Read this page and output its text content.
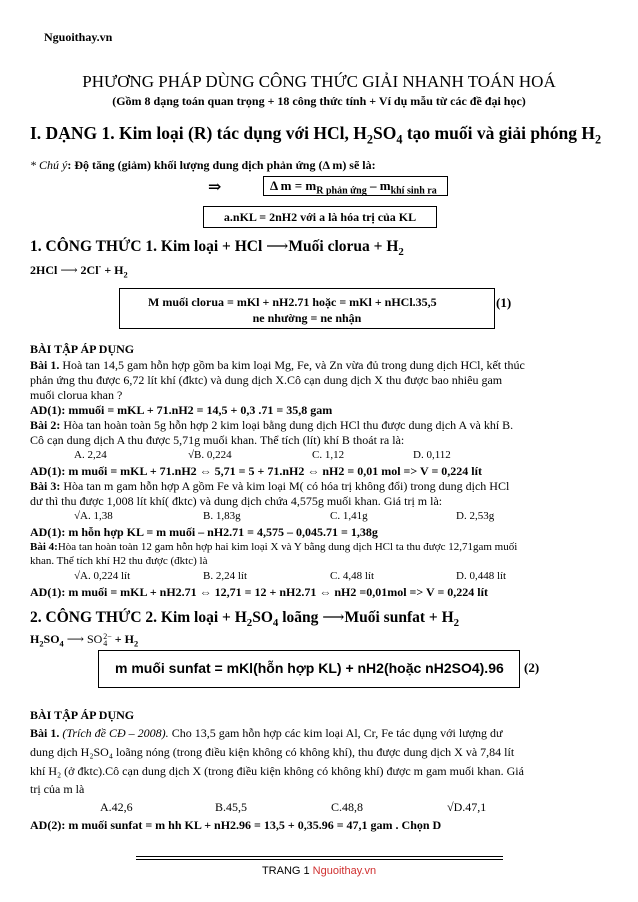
Nguoithay.vn
PHƯƠNG PHÁP DÙNG CÔNG THỨC GIẢI NHANH TOÁN HOÁ
(Gồm 8 dạng toán quan trọng + 18 công thức tính + Ví dụ mẫu từ các đề đại học)
I. DẠNG 1. Kim loại (R) tác dụng với HCl, $H_2SO_4$ tạo muối và giải phóng $H_2$
* Chú ý: Độ tăng (giảm) khối lượng dung dịch phản ứng (Δ m) sẽ là:
⇒	Δ $m = m_{R phản ứng} - m_{khí sinh ra}$
a.nKL = 2nH2 với a là hóa trị của KL
1. CÔNG THỨC 1. Kim loại + HCl ⟶Muối clorua + $H_2$
2HCl ⟶ $2Cl^- + H_2$
M muối clorua = mKl + nH2.71 hoặc = mKl + nHCl.35,5
ne nhường = ne nhận
(1)
BÀI TẬP ÁP DỤNG
Bài 1. Hoà tan 14,5 gam hỗn hợp gồm ba kim loại Mg, Fe, và Zn vừa đủ trong dung dịch HCl, kết thúc
phản ứng thu được 6,72 lít khí (đktc) và dung dịch X.Cô cạn dung dịch X thu được bao nhiêu gam
muối clorua khan ?
AD(1): mmuối = mKL + 71.nH2 = 14,5 + 0,3 .71 = 35,8 gam
Bài 2: Hòa tan hoàn toàn 5g hỗn hợp 2 kim loại bằng dung dịch HCl thu được dung dịch A và khí B.
Cô cạn dung dịch A thu được 5,71g muối khan. Thể tích (lít) khí B thoát ra là:
A. 2,24	√B. 0,224	C. 1,12	D. 0,112
AD(1): m muối = mKL + 71.nH2 ⇔ 5,71 = 5 + 71.nH2 ⇔ nH2 = 0,01 mol => V = 0,224 lít
Bài 3: Hòa tan m gam hỗn hợp A gồm Fe và kim loại M( có hóa trị không đổi) trong dung dịch HCl
dư thì thu được 1,008 lít khí( đktc) và dung dịch chứa 4,575g muối khan. Giá trị m là:
√A. 1,38	B. 1,83g	C. 1,41g	D. 2,53g
AD(1): m hỗn hợp KL = m muối – nH2.71 = 4,575 – 0,045.71 = 1,38g
Bài 4:Hòa tan hoàn toàn 12 gam hỗn hợp hai kim loại X và Y bằng dung dịch HCl ta thu được 12,71gam muối
khan. Thể tích khí H2 thu được (đktc) là
√A. 0,224 lít	B. 2,24 lít	C. 4,48 lít	D. 0,448 lít
AD(1): m muối = mKL + nH2.71 ⇔ 12,71 = 12 + nH2.71 ⇔ nH2 =0,01mol => V = 0,224 lít
2. CÔNG THỨC 2. Kim loại + $H_2SO_4$ loãng ⟶Muối sunfat + $H_2$
$H_2SO_4$ ⟶ SO 2−
$4 + H_2$
m muối sunfat = mKl(hỗn hợp KL) + nH2(hoặc nH2SO4).96 (2)
BÀI TẬP ÁP DỤNG
Bài 1. (Trích đề CĐ – 2008). Cho 13,5 gam hỗn hợp các kim loại Al, Cr, Fe tác dụng với lượng dư
dung dịch H₂SO₄ loãng nóng (trong điều kiện không có không khí), thu được dung dịch X và 7,84 lít
khí H₂ (ở đktc).Cô cạn dung dịch X (trong điều kiện không có không khí) được m gam muối khan. Giá
trị của m là
A.42,6	B.45,5	C.48,8	√D.47,1
AD(2): m muối sunfat = m hh KL + nH2.96 = 13,5 + 0,35.96 = 47,1 gam . Chọn D
TRANG 1 Nguoithay.vn
